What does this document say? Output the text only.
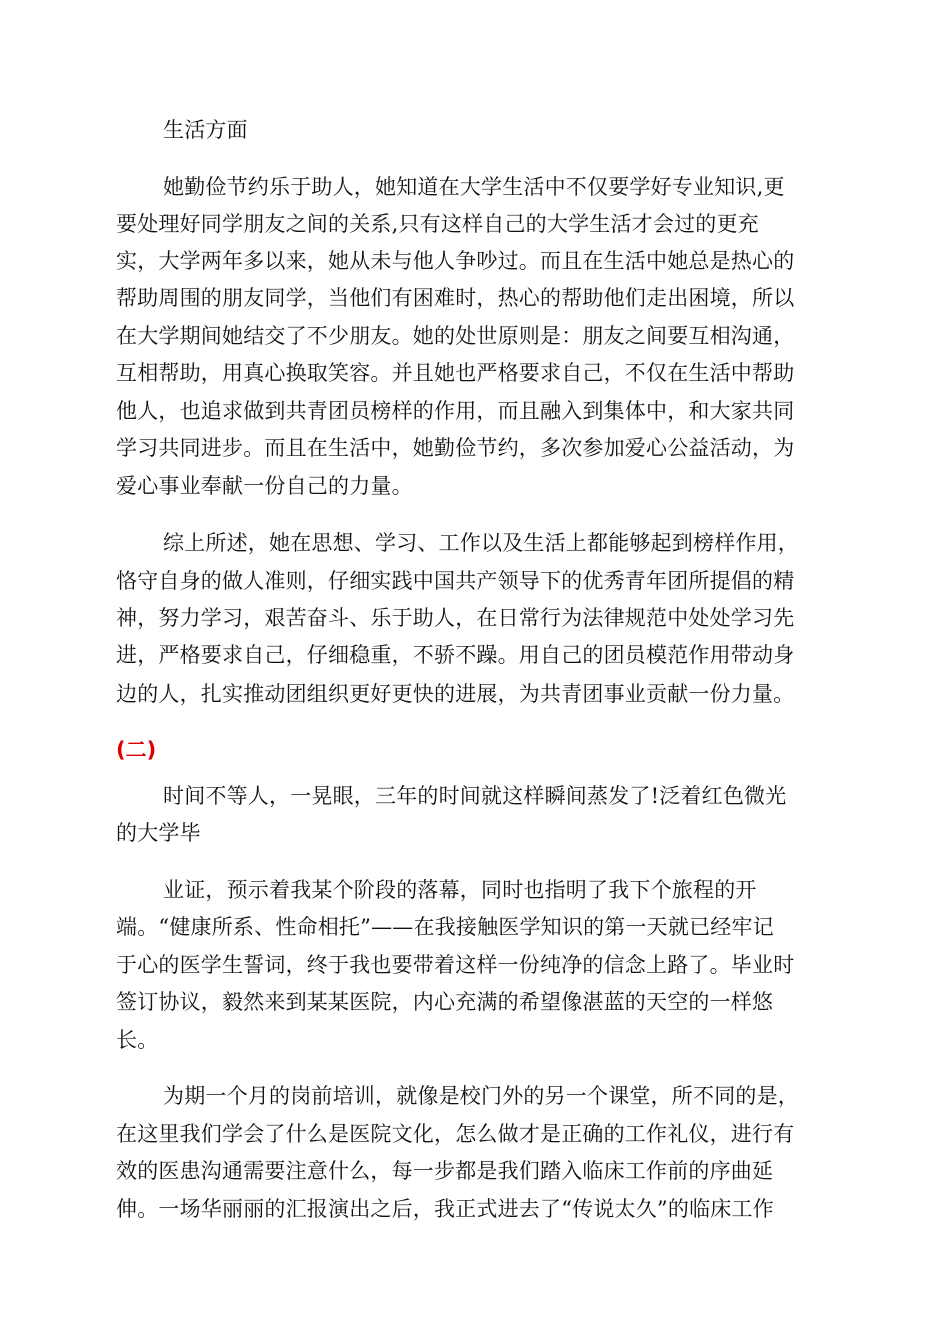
生活方面
她勤俭节约乐于助人，她知道在大学生活中不仅要学好专业知识,更
要处理好同学朋友之间的关系,只有这样自己的大学生活才会过的更充
实，大学两年多以来，她从未与他人争吵过。而且在生活中她总是热心的
帮助周围的朋友同学，当他们有困难时，热心的帮助他们走出困境，所以
在大学期间她结交了不少朋友。她的处世原则是：朋友之间要互相沟通，
互相帮助，用真心换取笑容。并且她也严格要求自己，不仅在生活中帮助
他人，也追求做到共青团员榜样的作用，而且融入到集体中，和大家共同
学习共同进步。而且在生活中，她勤俭节约，多次参加爱心公益活动，为
爱心事业奉献一份自己的力量。
综上所述，她在思想、学习、工作以及生活上都能够起到榜样作用，
恪守自身的做人准则，仔细实践中国共产领导下的优秀青年团所提倡的精
神，努力学习，艰苦奋斗、乐于助人，在日常行为法律规范中处处学习先
进，严格要求自己，仔细稳重，不骄不躁。用自己的团员模范作用带动身
边的人，扎实推动团组织更好更快的进展，为共青团事业贡献一份力量。
(二)
时间不等人，一晃眼，三年的时间就这样瞬间蒸发了!泛着红色微光
的大学毕
业证，预示着我某个阶段的落幕，同时也指明了我下个旅程的开
端。“健康所系、性命相托”——在我接触医学知识的第一天就已经牢记
于心的医学生誓词，终于我也要带着这样一份纯净的信念上路了。毕业时
签订协议，毅然来到某某医院，内心充满的希望像湛蓝的天空的一样悠
长。
为期一个月的岗前培训，就像是校门外的另一个课堂，所不同的是，
在这里我们学会了什么是医院文化，怎么做才是正确的工作礼仪，进行有
效的医患沟通需要注意什么，每一步都是我们踏入临床工作前的序曲延
伸。一场华丽丽的汇报演出之后，我正式进去了“传说太久”的临床工作
